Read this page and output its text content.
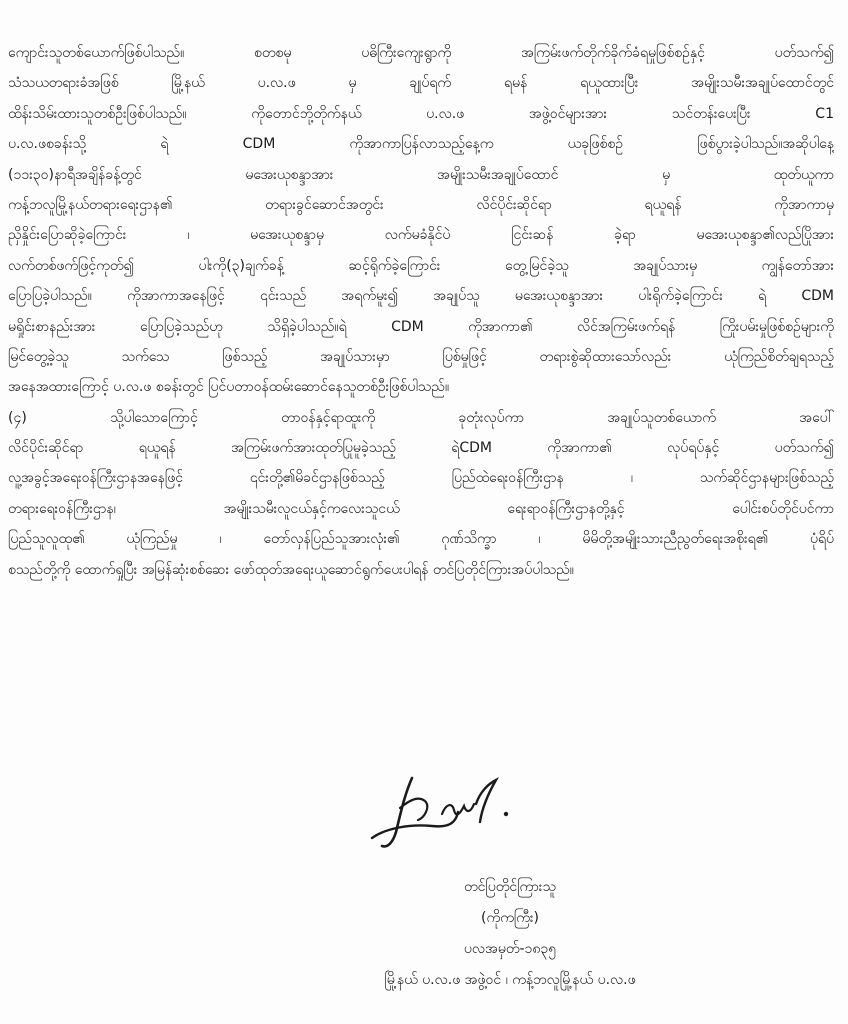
ကျောင်းသူတစ်ယောက်ဖြစ်ပါသည်။ စတစမု ပဓိကြီးကျေးရွာကို အကြမ်းဖက်တိုက်ခိုက်ခံရမှုဖြစ်စဉ်နှင့် ပတ်သက်၍
သံသယတရားခံအဖြစ် မြို့နယ် ပ.လ.ဖ မှ ချုပ်ရက် ရမန် ရယူထားပြီး အမျိုးသမီးအချုပ်ထောင်တွင်
ထိန်းသိမ်းထားသူတစ်ဦးဖြစ်ပါသည်။ ကိုတောင်ဘို့တိုက်နယ် ပ.လ.ဖ အဖွဲ့ဝင်များအား သင်တန်းပေးပြီး C1
ပ.လ.ဖစခန်းသို့ ရဲ CDM ကိုအာကာပြန်လာသည့်နေ့က ယခုဖြစ်စဉ် ဖြစ်ပွားခဲ့ပါသည်။အဆိုပါနေ့
(၁၁း၃၀)နာရီအချိန်ခန့်တွင် မအေးယုစန္ဒာအား အမျိုးသမီးအချုပ်ထောင် မှ ထုတ်ယူကာ
ကန့်ဘလူမြို့နယ်တရားရေးဌာန၏ တရားခွင်ဆောင်အတွင်း လိင်ပိုင်းဆိုင်ရာ ရယူရန် ကိုအာကာမှ
ညှိနှိုင်းပြောဆိုခဲ့ကြောင်း ၊ မအေးယုစန္ဒာမှ လက်မခံနိုင်ပဲ ငြင်းဆန် ခဲ့ရာ မအေးယုစန္ဒာ၏လည်ပြိုအား
လက်တစ်ဖက်ဖြင့်ကုတ်၍ ပါးကို(၃)ချက်ခန့် ဆင့်ရိုက်ခဲ့ကြောင်း တွေ့မြင်ခဲ့သူ အချုပ်သားမှ ကျွန်တော်အား
ပြောပြခဲ့ပါသည်။ ကိုအာကာအနေဖြင့် ၎င်းသည် အရက်မူး၍ အချုပ်သူ မအေးယုစန္ဒာအား ပါးရိုက်ခဲ့ကြောင်း ရဲ CDM
မရှိုင်းစာနည်းအား ပြောပြခဲ့သည်ဟု သိရှိခဲ့ပါသည်။ရဲ CDM ကိုအာကာ၏ လိင်အကြမ်းဖက်ရန် ကြိုးပမ်းမှုဖြစ်စဉ်များကို
မြင်တွေ့ခဲ့သူ သက်သေ ဖြစ်သည့် အချုပ်သားမှာ ပြစ်မှုဖြင့် တရားစွဲဆိုထားသော်လည်း ယုံကြည်စိတ်ချရသည့်
အနေအထားကြောင့် ပ.လ.ဖ စခန်းတွင် ပြင်ပတာဝန်ထမ်းဆောင်နေသူတစ်ဦးဖြစ်ပါသည်။
(၄) သို့ပါသောကြောင့် တာဝန်နှင့်ရာထူးကို ခုတုံးလုပ်ကာ အချုပ်သူတစ်ယောက် အပေါ်
လိင်ပိုင်းဆိုင်ရာ ရယူရန် အကြမ်းဖက်အားထုတ်ပြုမူခဲ့သည့် ရဲCDM ကိုအာကာ၏ လုပ်ရပ်နှင့် ပတ်သက်၍
လူ့အခွင့်အရေးဝန်ကြီးဌာနအနေဖြင့် ၎င်းတို့၏မိခင်ဌာနဖြစ်သည့် ပြည်ထဲရေးဝန်ကြီးဌာန ၊ သက်ဆိုင်ဌာနများဖြစ်သည့်
တရားရေးဝန်ကြီးဌာန၊ အမျိုးသမီးလူငယ်နှင့်ကလေးသူငယ် ရေးရာဝန်ကြီးဌာနတို့နှင့် ပေါင်းစပ်တိုင်ပင်ကာ
ပြည်သူလူထု၏ ယုံကြည်မှု ၊ တော်လှန်ပြည်သူအားလုံး၏ ဂုဏ်သိက္ခာ ၊ မိမိတို့အမျိုးသားညီညွတ်ရေးအစိုးရ၏ ပုံရိပ်
စသည်တို့ကို ထောက်ရှုပြီး အမြန်ဆုံးစစ်ဆေး ဖော်ထုတ်အရေးယူဆောင်ရွက်ပေးပါရန် တင်ပြတိုင်ကြားအပ်ပါသည်။
တင်ပြတိုင်ကြားသူ
(ကိုကကြီး)
ပလအမှတ်-၁၈၃၅
မြို့နယ် ပ.လ.ဖ အဖွဲ့ဝင် ၊ ကန့်ဘလူမြို့နယ် ပ.လ.ဖ
